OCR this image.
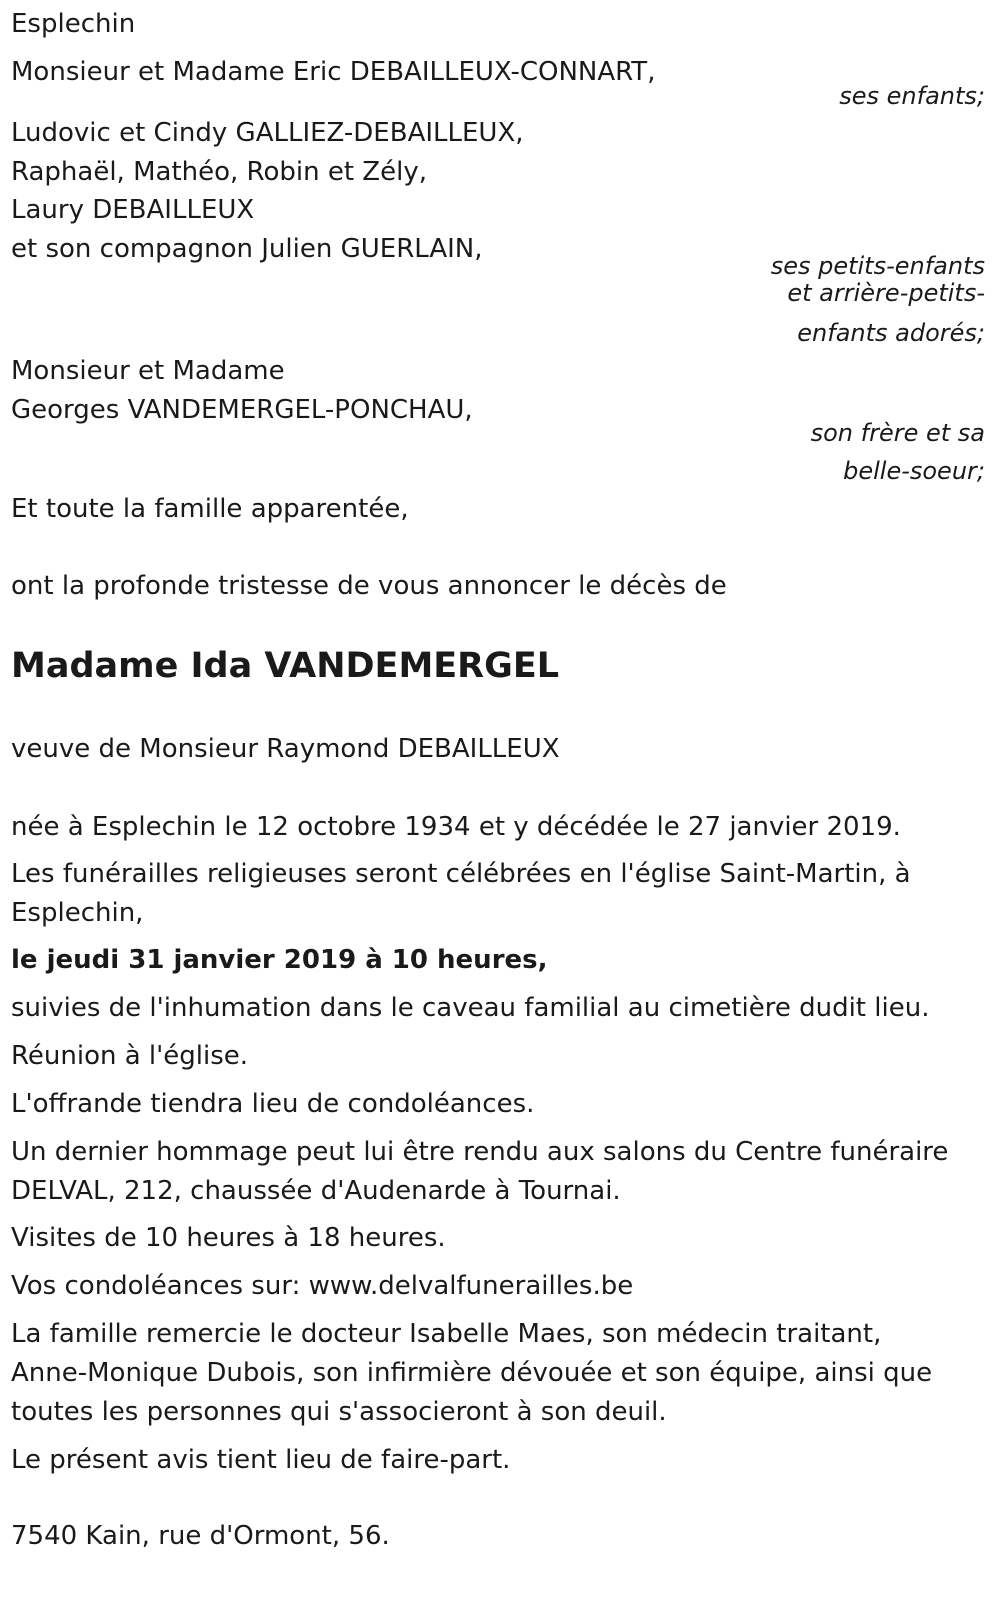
Esplechin
Monsieur et Madame Eric DEBAILLEUX-CONNART,
ses enfants;
Ludovic et Cindy GALLIEZ-DEBAILLEUX,
Raphaël, Mathéo, Robin et Zély,
Laury DEBAILLEUX
et son compagnon Julien GUERLAIN,
ses petits-enfants
et arrière-petits-
enfants adorés;
Monsieur et Madame
Georges VANDEMERGEL-PONCHAU,
son frère et sa
belle-soeur;
Et toute la famille apparentée,
ont la profonde tristesse de vous annoncer le décès de
Madame Ida VANDEMERGEL
veuve de Monsieur Raymond DEBAILLEUX
née à Esplechin le 12 octobre 1934 et y décédée le 27 janvier 2019.
Les funérailles religieuses seront célébrées en l'église Saint-Martin, à
Esplechin,
le jeudi 31 janvier 2019 à 10 heures,
suivies de l'inhumation dans le caveau familial au cimetière dudit lieu.
Réunion à l'église.
L'offrande tiendra lieu de condoléances.
Un dernier hommage peut lui être rendu aux salons du Centre funéraire
DELVAL, 212, chaussée d'Audenarde à Tournai.
Visites de 10 heures à 18 heures.
Vos condoléances sur: www.delvalfunerailles.be
La famille remercie le docteur Isabelle Maes, son médecin traitant,
Anne-Monique Dubois, son infirmière dévouée et son équipe, ainsi que
toutes les personnes qui s'associeront à son deuil.
Le présent avis tient lieu de faire-part.
7540 Kain, rue d'Ormont, 56.
